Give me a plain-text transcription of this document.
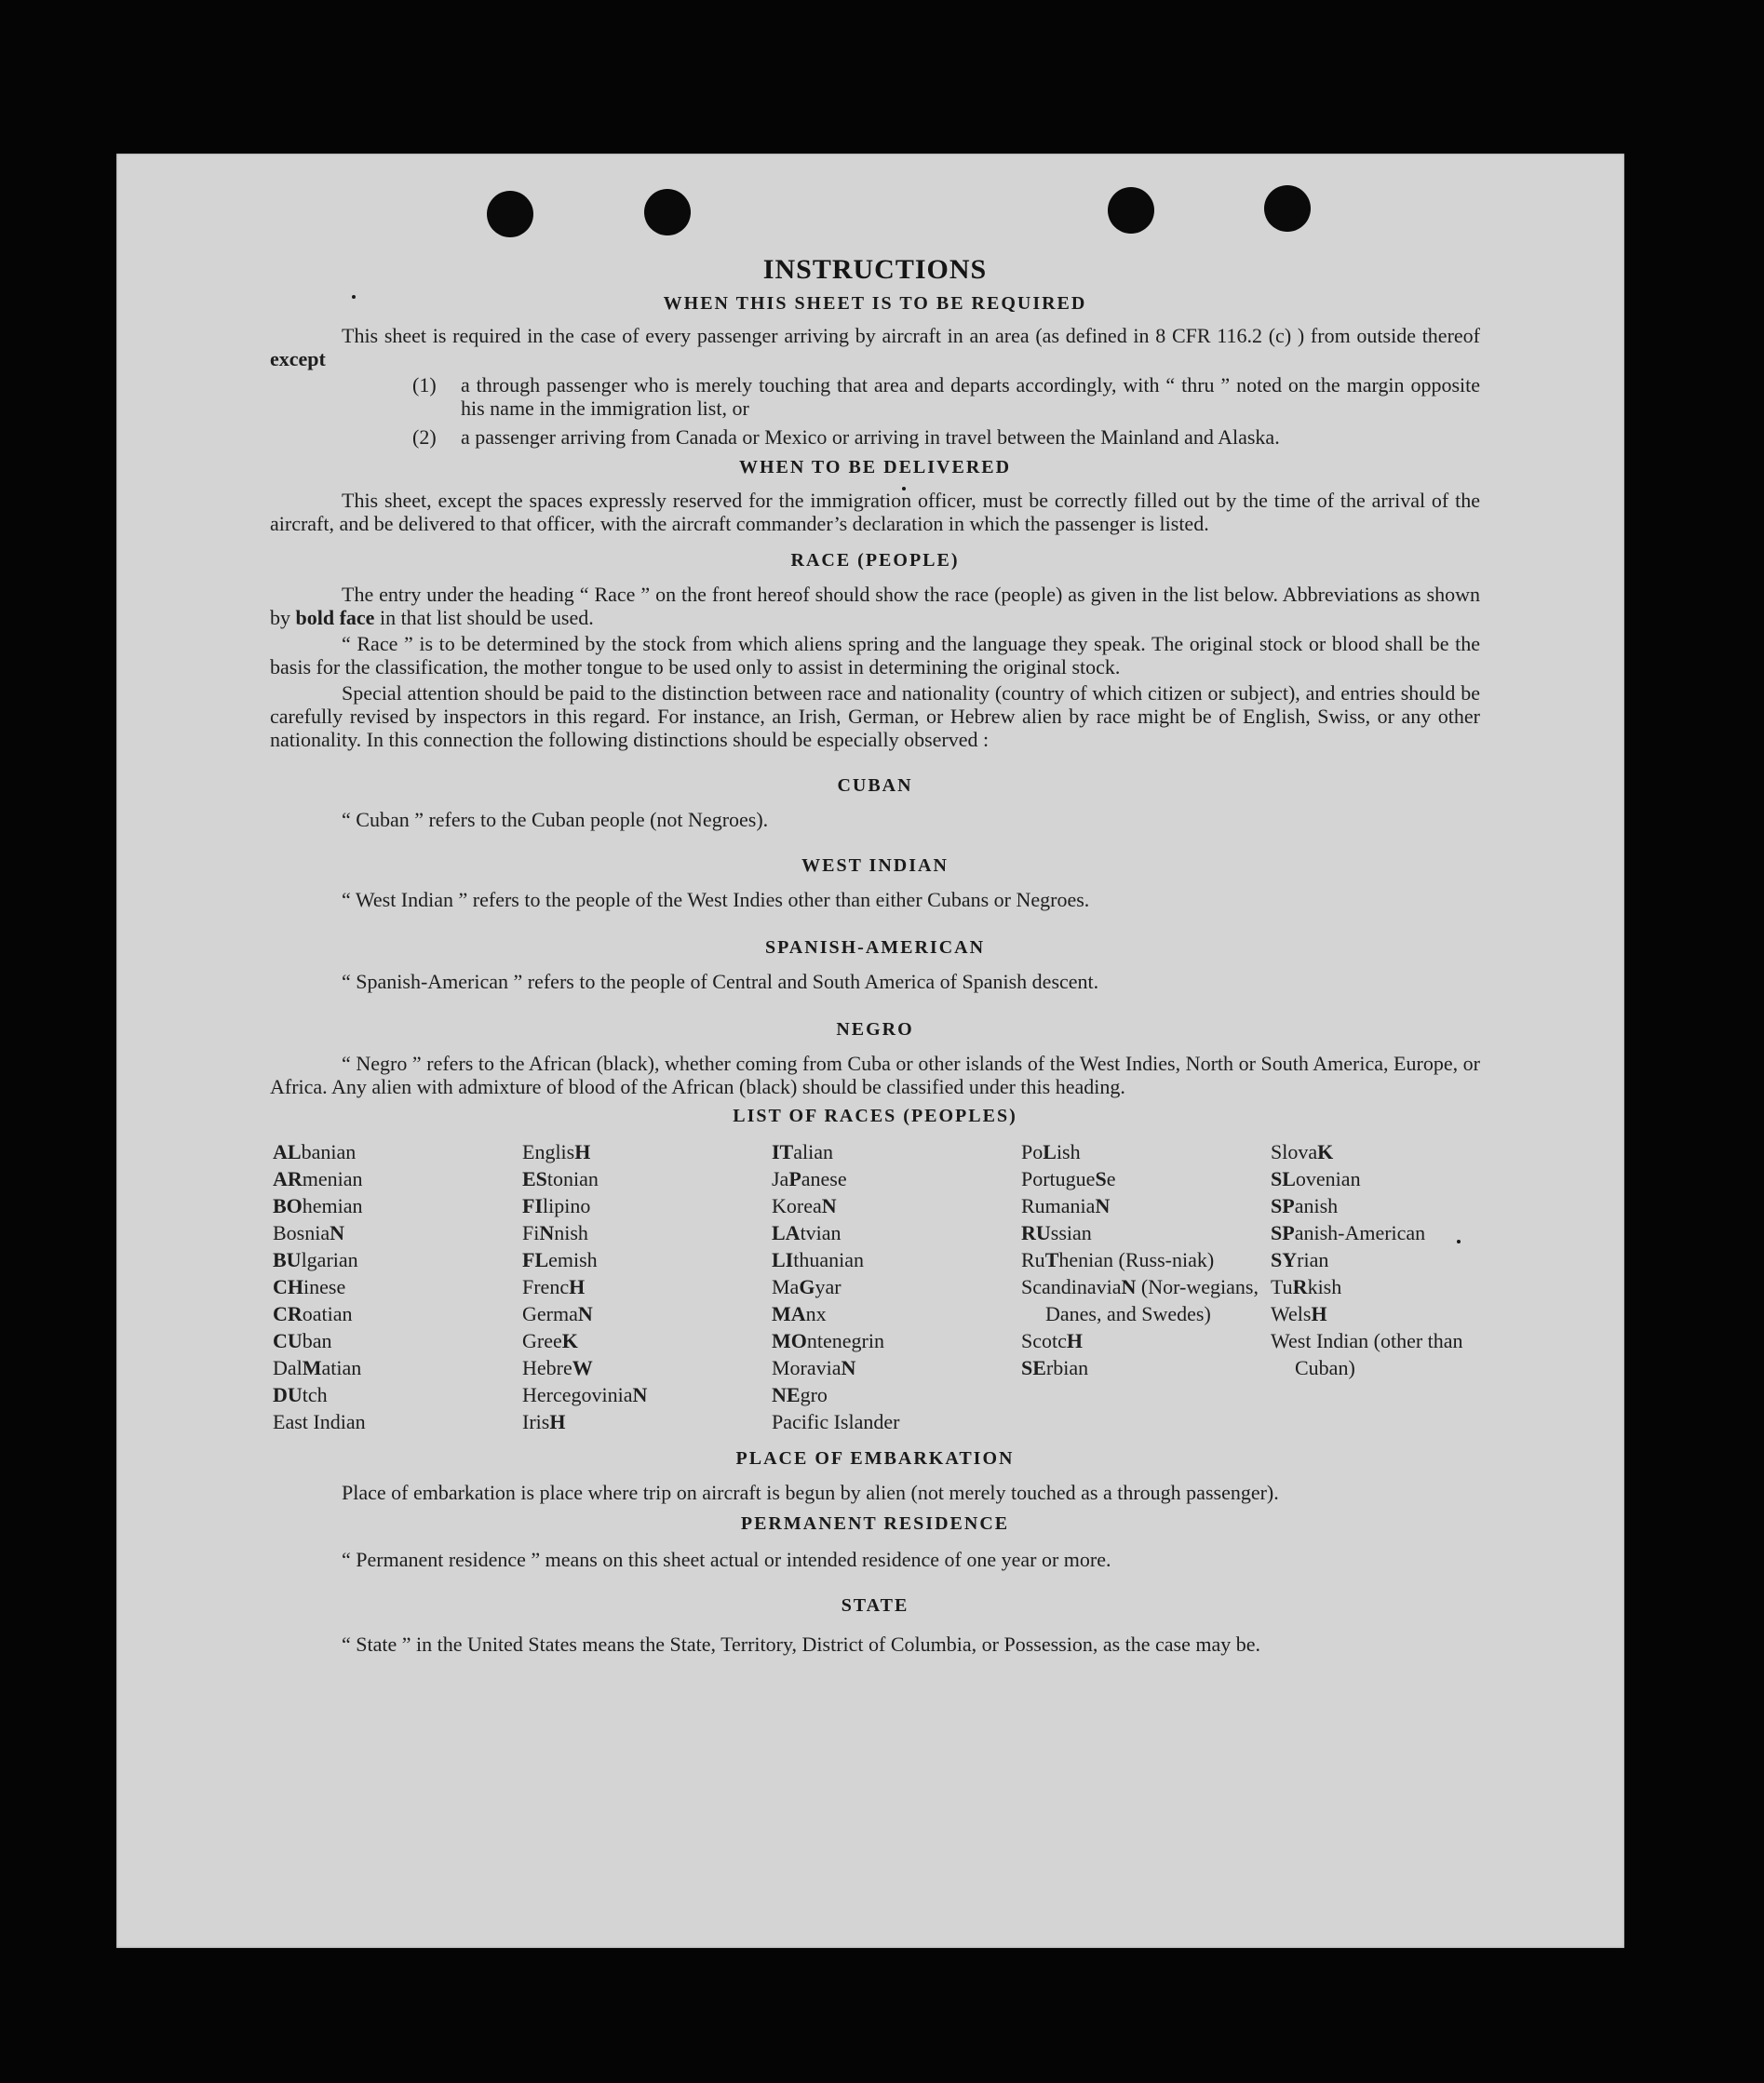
INSTRUCTIONS
WHEN THIS SHEET IS TO BE REQUIRED

This sheet is required in the case of every passenger arriving by aircraft in an area (as defined in 8 CFR 116.2 (c) ) from outside thereof except

(1)	a through passenger who is merely touching that area and departs accordingly, with “ thru ” noted on the margin opposite his name in the immigration list, or
(2)	a passenger arriving from Canada or Mexico or arriving in travel between the Mainland and Alaska.
WHEN TO BE DELIVERED

This sheet, except the spaces expressly reserved for the immigration officer, must be correctly filled out by the time of the arrival of the aircraft, and be delivered to that officer, with the aircraft commander’s declaration in which the passenger is listed.

RACE (PEOPLE)

The entry under the heading “ Race ” on the front hereof should show the race (people) as given in the list below. Abbreviations as shown by bold face in that list should be used.

“ Race ” is to be determined by the stock from which aliens spring and the language they speak. The original stock or blood shall be the basis for the classification, the mother tongue to be used only to assist in determining the original stock.

Special attention should be paid to the distinction between race and nationality (country of which citizen or subject), and entries should be carefully revised by inspectors in this regard. For instance, an Irish, German, or Hebrew alien by race might be of English, Swiss, or any other nationality. In this connection the following distinctions should be especially observed :

CUBAN

“ Cuban ” refers to the Cuban people (not Negroes).

WEST INDIAN

“ West Indian ” refers to the people of the West Indies other than either Cubans or Negroes.

SPANISH-AMERICAN

“ Spanish-American ” refers to the people of Central and South America of Spanish descent.

NEGRO

“ Negro ” refers to the African (black), whether coming from Cuba or other islands of the West Indies, North or South America, Europe, or Africa. Any alien with admixture of blood of the African (black) should be classified under this heading.

LIST OF RACES (PEOPLES)
ALbanian
ARmenian
BOhemian
BosniaN
BUlgarian
CHinese
CRoatian
CUban
DalMatian
DUtch
East Indian
EnglisH
EStonian
FIlipino
FiNnish
FLemish
FrencH
GermaN
GreeK
HebreW
HercegoviniaN
IrisH
ITalian
JaPanese
KoreaN
LAtvian
LIthuanian
MaGyar
MAnx
MOntenegrin
MoraviaN
NEgro
Pacific Islander
PoLish
PortugueSe
RumaniaN
RUssian
RuThenian (Russ-niak)
ScandinaviaN (Nor-wegians, Danes, and Swedes)
ScotcH
SErbian
SlovaK
SLovenian
SPanish
SPanish-American
SYrian
TuRkish
WelsH
West Indian (other than Cuban)
PLACE OF EMBARKATION

Place of embarkation is place where trip on aircraft is begun by alien (not merely touched as a through passenger).

PERMANENT RESIDENCE

“ Permanent residence ” means on this sheet actual or intended residence of one year or more.

STATE

“ State ” in the United States means the State, Territory, District of Columbia, or Possession, as the case may be.
